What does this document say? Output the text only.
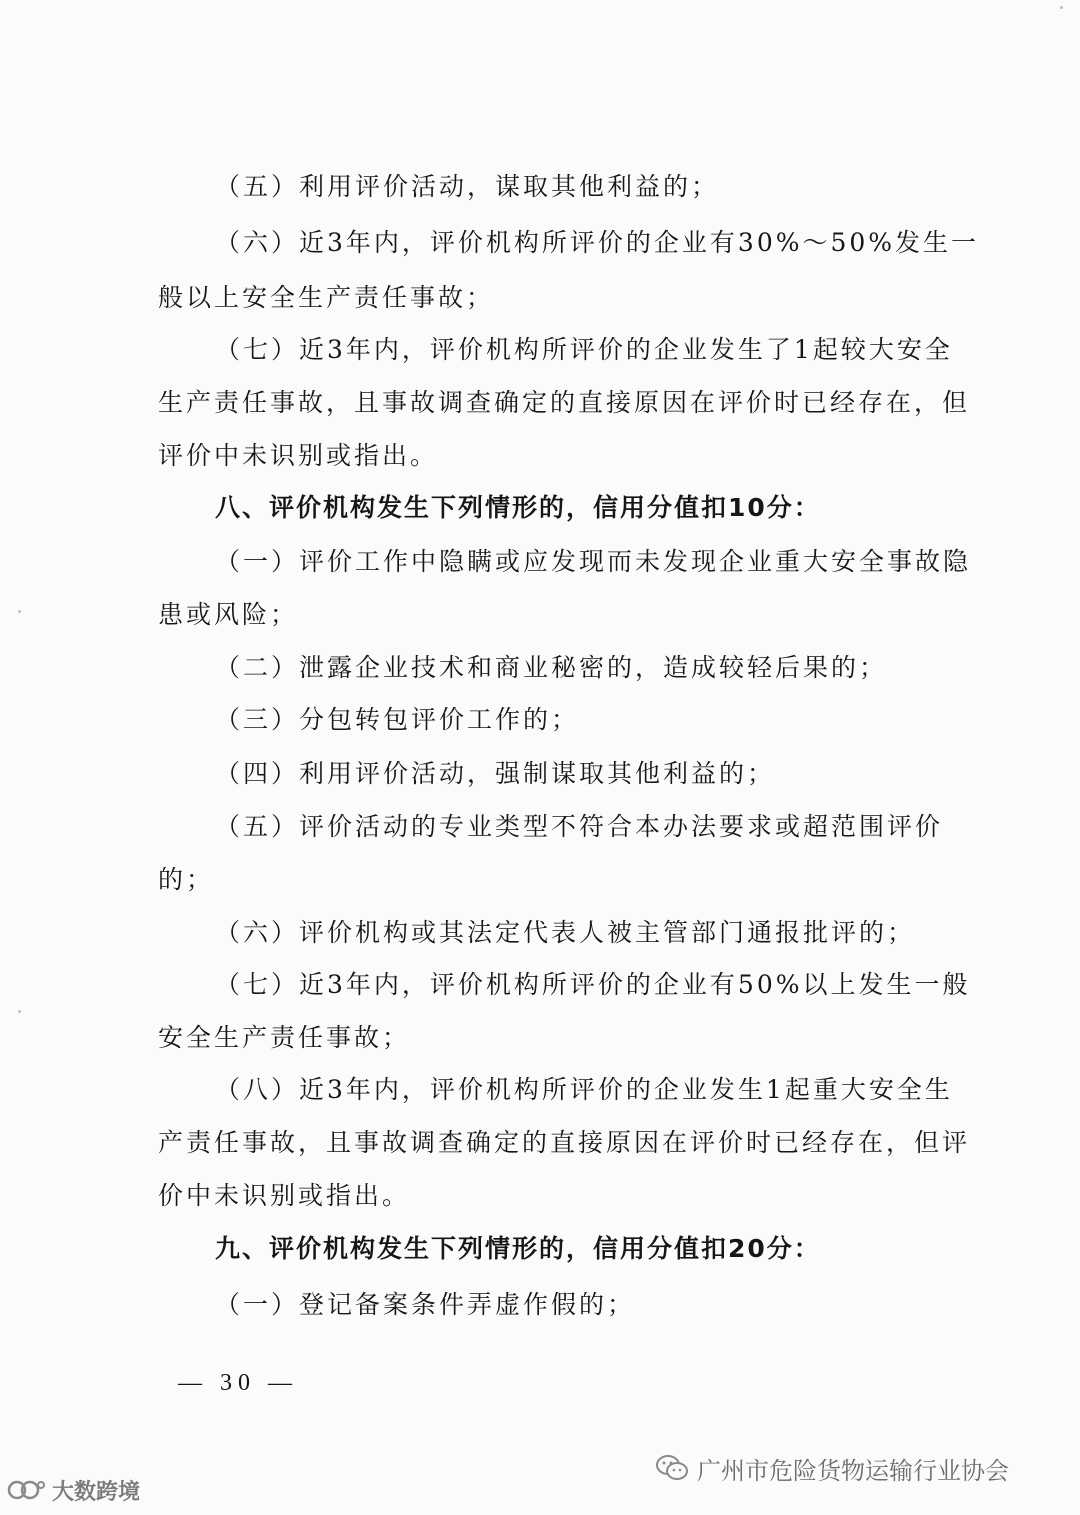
（五）利用评价活动，谋取其他利益的；
（六）近3年内，评价机构所评价的企业有30%～50%发生一
般以上安全生产责任事故；
（七）近3年内，评价机构所评价的企业发生了1起较大安全
生产责任事故，且事故调查确定的直接原因在评价时已经存在，但
评价中未识别或指出。
八、评价机构发生下列情形的，信用分值扣10分：
（一）评价工作中隐瞒或应发现而未发现企业重大安全事故隐
患或风险；
（二）泄露企业技术和商业秘密的，造成较轻后果的；
（三）分包转包评价工作的；
（四）利用评价活动，强制谋取其他利益的；
（五）评价活动的专业类型不符合本办法要求或超范围评价
的；
（六）评价机构或其法定代表人被主管部门通报批评的；
（七）近3年内，评价机构所评价的企业有50%以上发生一般
安全生产责任事故；
（八）近3年内，评价机构所评价的企业发生1起重大安全生
产责任事故，且事故调查确定的直接原因在评价时已经存在，但评
价中未识别或指出。
九、评价机构发生下列情形的，信用分值扣20分：
（一）登记备案条件弄虚作假的；
— 30 —
广州市危险货物运输行业协会
大数跨境
